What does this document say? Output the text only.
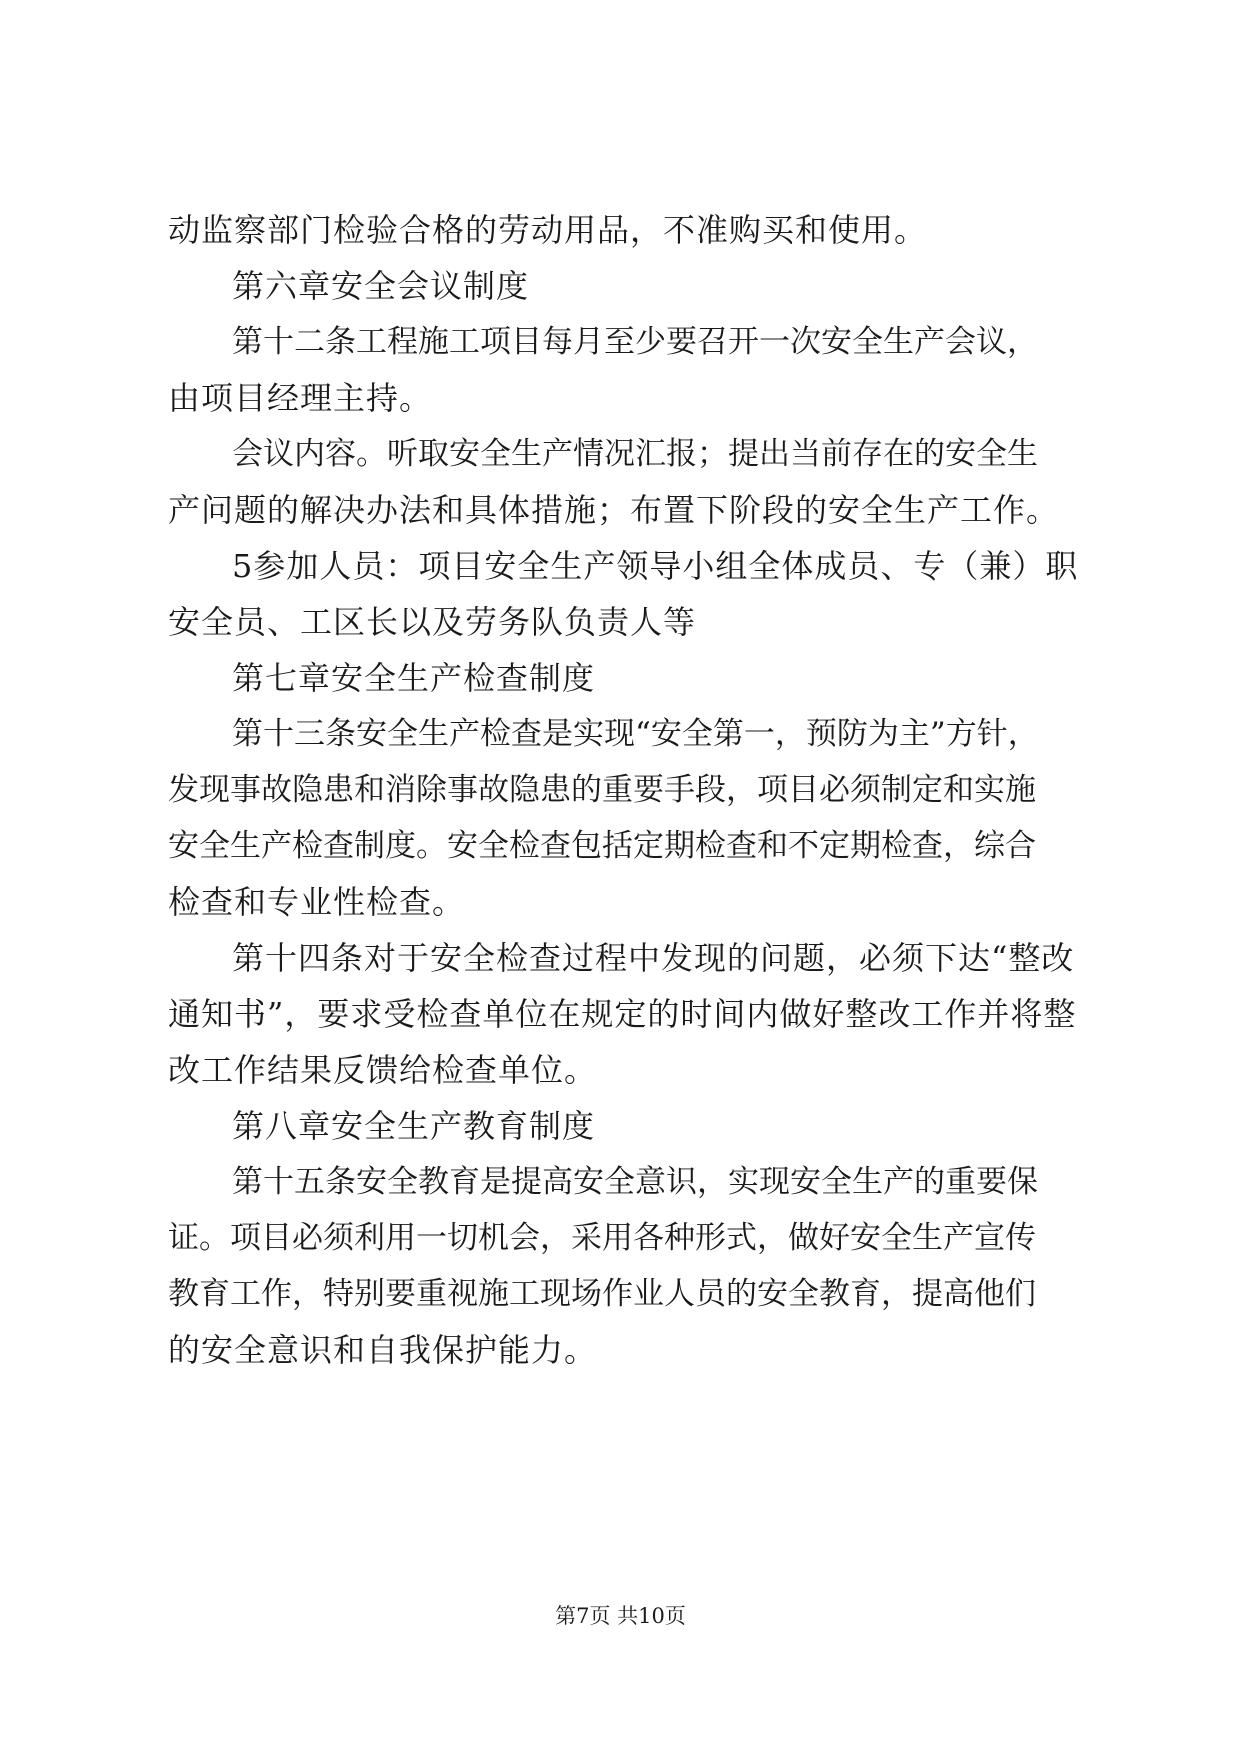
动监察部门检验合格的劳动用品，不准购买和使用。
第六章安全会议制度
第十二条工程施工项目每月至少要召开一次安全生产会议，
由项目经理主持。
会议内容。听取安全生产情况汇报；提出当前存在的安全生
产问题的解决办法和具体措施；布置下阶段的安全生产工作。
5参加人员：项目安全生产领导小组全体成员、专（兼）职
安全员、工区长以及劳务队负责人等
第七章安全生产检查制度
第十三条安全生产检查是实现“安全第一，预防为主”方针，
发现事故隐患和消除事故隐患的重要手段，项目必须制定和实施
安全生产检查制度。安全检查包括定期检查和不定期检查，综合
检查和专业性检查。
第十四条对于安全检查过程中发现的问题，必须下达“整改
通知书”，要求受检查单位在规定的时间内做好整改工作并将整
改工作结果反馈给检查单位。
第八章安全生产教育制度
第十五条安全教育是提高安全意识，实现安全生产的重要保
证。项目必须利用一切机会，采用各种形式，做好安全生产宣传
教育工作，特别要重视施工现场作业人员的安全教育，提高他们
的安全意识和自我保护能力。
第7页 共10页
